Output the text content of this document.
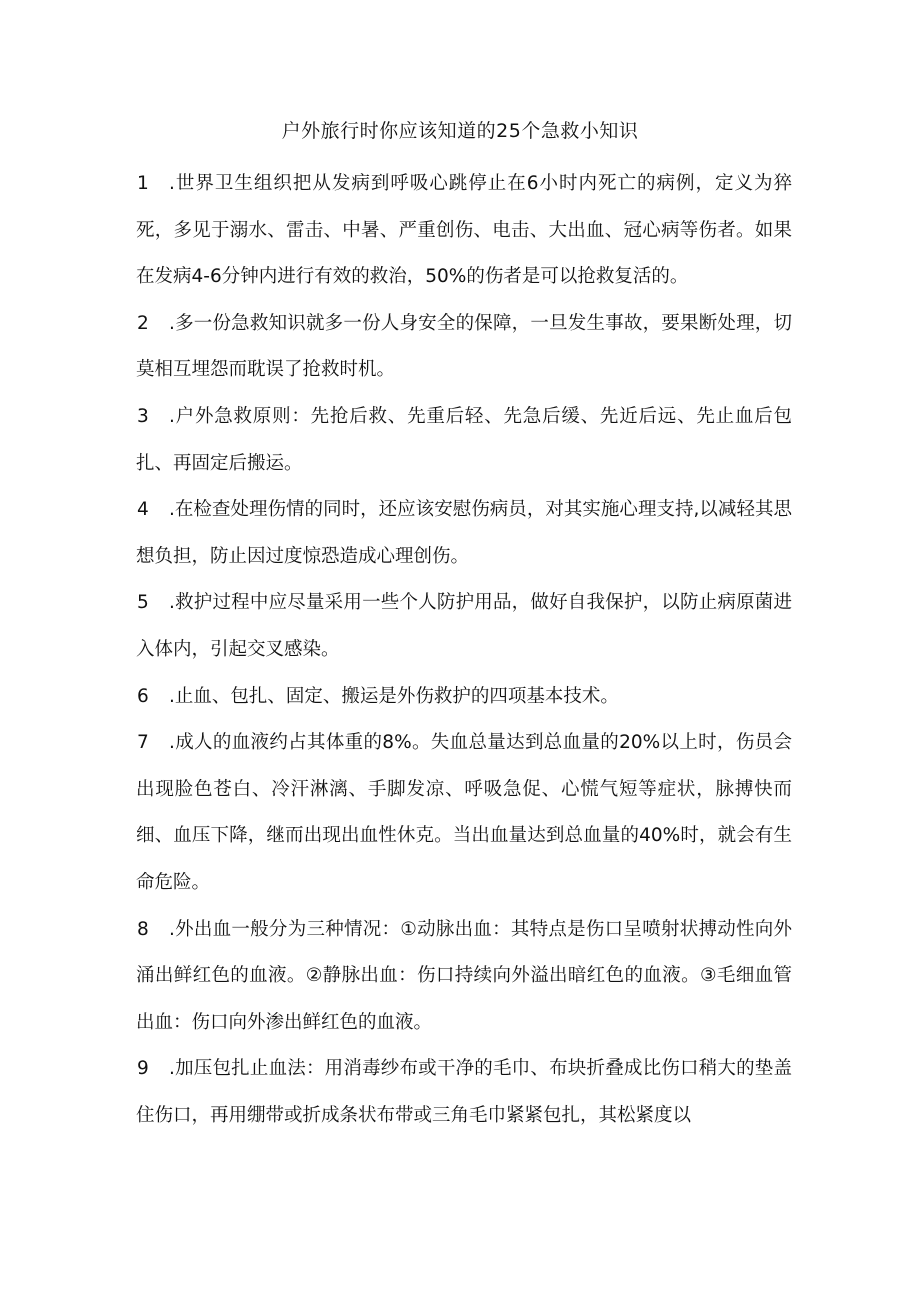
户外旅行时你应该知道的25个急救小知识

1 .世界卫生组织把从发病到呼吸心跳停止在6小时内死亡的病例，定义为猝死，多见于溺水、雷击、中暑、严重创伤、电击、大出血、冠心病等伤者。如果在发病4-6分钟内进行有效的救治，50%的伤者是可以抢救复活的。

2 .多一份急救知识就多一份人身安全的保障，一旦发生事故，要果断处理，切莫相互埋怨而耽误了抢救时机。

3 .户外急救原则：先抢后救、先重后轻、先急后缓、先近后远、先止血后包扎、再固定后搬运。

4 .在检查处理伤情的同时，还应该安慰伤病员，对其实施心理支持,以减轻其思想负担，防止因过度惊恐造成心理创伤。

5 .救护过程中应尽量采用一些个人防护用品，做好自我保护，以防止病原菌进入体内，引起交叉感染。

6 .止血、包扎、固定、搬运是外伤救护的四项基本技术。

7 .成人的血液约占其体重的8%。失血总量达到总血量的20%以上时，伤员会出现脸色苍白、冷汗淋漓、手脚发凉、呼吸急促、心慌气短等症状，脉搏快而细、血压下降，继而出现出血性休克。当出血量达到总血量的40%时，就会有生命危险。

8 .外出血一般分为三种情况：①动脉出血：其特点是伤口呈喷射状搏动性向外涌出鲜红色的血液。②静脉出血：伤口持续向外溢出暗红色的血液。③毛细血管出血：伤口向外渗出鲜红色的血液。

9 .加压包扎止血法：用消毒纱布或干净的毛巾、布块折叠成比伤口稍大的垫盖住伤口，再用绷带或折成条状布带或三角毛巾紧紧包扎，其松紧度以
